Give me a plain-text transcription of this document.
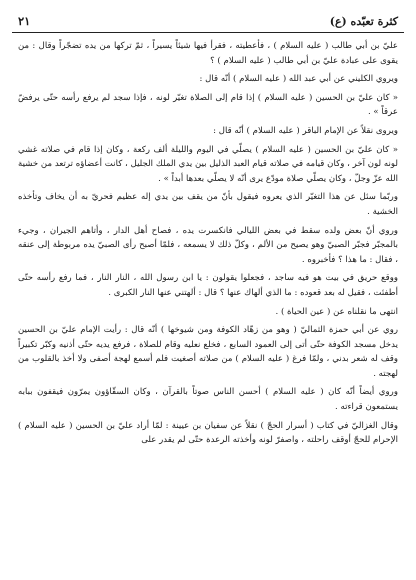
كثرة تعبّده (ع)
٢١

عليّ بن أبي طالب ( عليه السلام ) ، فأعطيته ، فقرأ فيها شيئاً يسيراً ، ثمّ تركها من يده تضجّراً وقال : من يقوى على عبادة عليّ بن أبي طالب ( عليه السلام ) ؟

ويروي الكليني عن أبي عبد الله ( عليه السلام ) أنّه قال :

« كان عليّ بن الحسين ( عليه السلام ) إذا قام إلى الصلاة تغيّر لونه ، فإذا سجد لم يرفع رأسه حتّى يرفضّ عرقاً » .

ويروى نقلاً عن الإمام الباقر ( عليه السلام ) أنّه قال :

« كان عليّ بن الحسين ( عليه السلام ) يصلّي في اليوم والليلة ألف ركعة ، وكان إذا قام في صلاته غشي لونه لون آخر ، وكان قيامه في صلاته قيام العبد الذليل بين يدي الملك الجليل ، كانت أعضاؤه ترتعد من خشية الله عزّ وجلّ ، وكان يصلّي صلاة مودّع يرى أنّه لا يصلّي بعدها أبداً » .

وربّما سئل عن هذا التغيّر الذي يعروه فيقول بأنّ من يقف بين يدي إله عظيم فحريّ به أن يخاف وتأخذه الخشية .

وروي أنّ بعض ولده سقط في بعض الليالي فانكسرت يده ، فصاح أهل الدار ، وأتاهم الجيران ، وجيء بالمجبّر فجبّر الصبيّ وهو يصيح من الألم ، وكلّ ذلك لا يسمعه ، فلمّا أصبح رأى الصبيّ يده مربوطة إلى عنقه ، فقال : ما هذا ؟ فأخبروه .

ووقع حريق في بيت هو فيه ساجد ، فجعلوا يقولون : يا ابن رسول الله ، النار النار ، فما رفع رأسه حتّى أطفئت ، فقيل له بعد قعوده : ما الذي ألهاك عنها ؟ قال : ألهتني عنها النار الكبرى .

انتهى ما نقلناه عن ( عين الحياة ) .

روي عن أبي حمزة الثماليّ ( وهو من زهّاد الكوفة ومن شيوخها ) أنّه قال : رأيت الإمام عليّ بن الحسين يدخل مسجد الكوفة حتّى أتى إلى العمود السابع ، فخلع نعليه وقام للصلاة ، فرفع يديه حتّى أذنيه وكبّر تكبيراً وقف له شعر بدني ، ولمّا فرغ ( عليه السلام ) من صلاته أصغيت فلم أسمع لهجة أصفى ولا أخذ بالقلوب من لهجته .

وروي أيضاً أنّه كان ( عليه السلام ) أحسن الناس صوتاً بالقرآن ، وكان السقّاؤون يمرّون فيقفون ببابه يستمعون قراءته .

وقال الغزاليّ في كتاب ( أسرار الحجّ ) نقلاً عن سفيان بن عيينة : لمّا أراد عليّ بن الحسين ( عليه السلام ) الإحرام للحجّ أوقف راحلته ، واصفرّ لونه وأخذته الرعدة حتّى لم يقدر على
